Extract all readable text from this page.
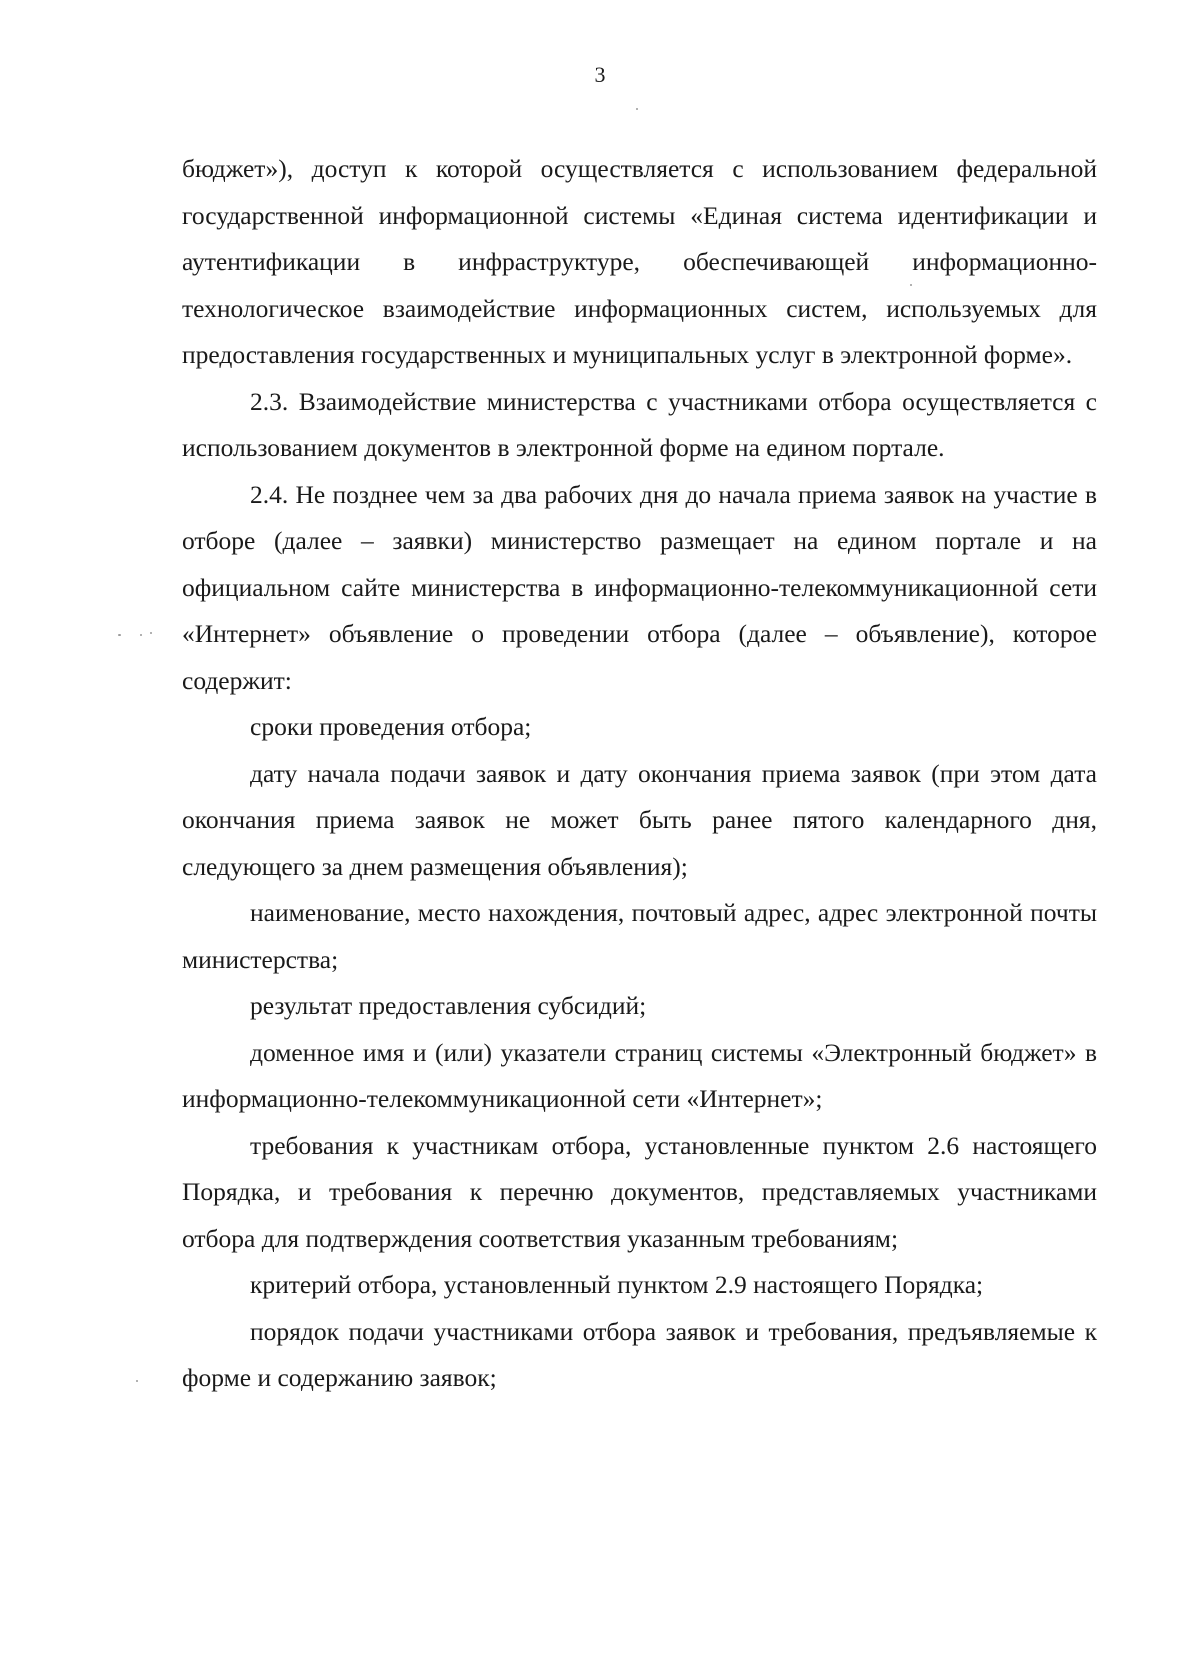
3

бюджет»), доступ к которой осуществляется с использованием федеральной государственной информационной системы «Единая система идентификации и аутентификации в инфраструктуре, обеспечивающей информационно-технологическое взаимодействие информационных систем, используемых для предоставления государственных и муниципальных услуг в электронной форме».

2.3. Взаимодействие министерства с участниками отбора осуществляется с использованием документов в электронной форме на едином портале.

2.4. Не позднее чем за два рабочих дня до начала приема заявок на участие в отборе (далее – заявки) министерство размещает на едином портале и на официальном сайте министерства в информационно-телекоммуникационной сети «Интернет» объявление о проведении отбора (далее – объявление), которое содержит:

сроки проведения отбора;

дату начала подачи заявок и дату окончания приема заявок (при этом дата окончания приема заявок не может быть ранее пятого календарного дня, следующего за днем размещения объявления);

наименование, место нахождения, почтовый адрес, адрес электронной почты министерства;

результат предоставления субсидий;

доменное имя и (или) указатели страниц системы «Электронный бюджет» в информационно-телекоммуникационной сети «Интернет»;

требования к участникам отбора, установленные пунктом 2.6 настоящего Порядка, и требования к перечню документов, представляемых участниками отбора для подтверждения соответствия указанным требованиям;

критерий отбора, установленный пунктом 2.9 настоящего Порядка;

порядок подачи участниками отбора заявок и требования, предъявляемые к форме и содержанию заявок;
